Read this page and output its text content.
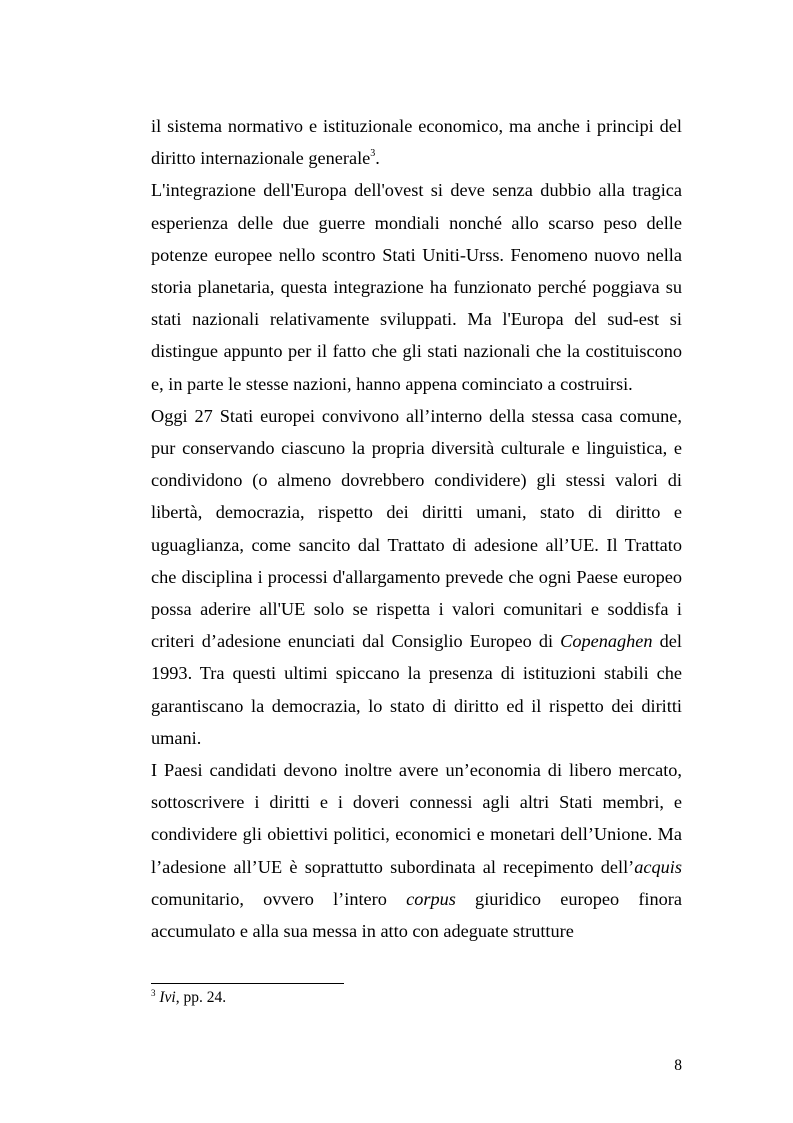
il sistema normativo e istituzionale economico, ma anche i principi del diritto internazionale generale$^3$.

L'integrazione dell'Europa dell'ovest si deve senza dubbio alla tragica esperienza delle due guerre mondiali nonché allo scarso peso delle potenze europee nello scontro Stati Uniti-Urss. Fenomeno nuovo nella storia planetaria, questa integrazione ha funzionato perché poggiava su stati nazionali relativamente sviluppati. Ma l'Europa del sud-est si distingue appunto per il fatto che gli stati nazionali che la costituiscono e, in parte le stesse nazioni, hanno appena cominciato a costruirsi.

Oggi 27 Stati europei convivono all’interno della stessa casa comune, pur conservando ciascuno la propria diversità culturale e linguistica, e condividono (o almeno dovrebbero condividere) gli stessi valori di libertà, democrazia, rispetto dei diritti umani, stato di diritto e uguaglianza, come sancito dal Trattato di adesione all’UE. Il Trattato che disciplina i processi d'allargamento prevede che ogni Paese europeo possa aderire all'UE solo se rispetta i valori comunitari e soddisfa i criteri d’adesione enunciati dal Consiglio Europeo di Copenaghen del 1993. Tra questi ultimi spiccano la presenza di istituzioni stabili che garantiscano la democrazia, lo stato di diritto ed il rispetto dei diritti umani.

I Paesi candidati devono inoltre avere un’economia di libero mercato, sottoscrivere i diritti e i doveri connessi agli altri Stati membri, e condividere gli obiettivi politici, economici e monetari dell’Unione. Ma l’adesione all’UE è soprattutto subordinata al recepimento dell’acquis comunitario, ovvero l’intero corpus giuridico europeo finora accumulato e alla sua messa in atto con adeguate strutture

$^3$ Ivi, pp. 24.
8
